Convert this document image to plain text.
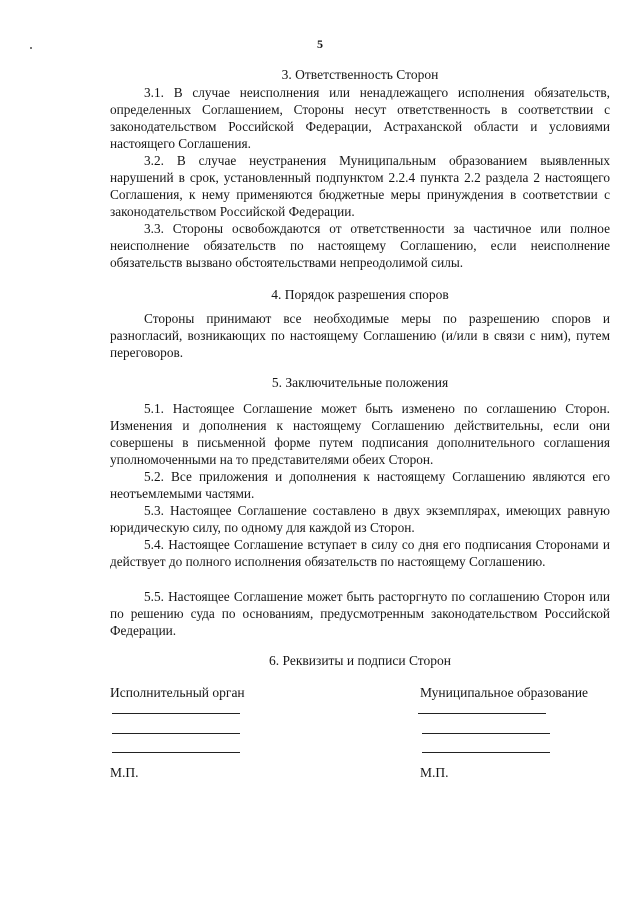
5
3. Ответственность Сторон

3.1. В случае неисполнения или ненадлежащего исполнения обязательств, определенных Соглашением, Стороны несут ответственность в соответствии с законодательством Российской Федерации, Астраханской области и условиями настоящего Соглашения.

3.2. В случае неустранения Муниципальным образованием выявленных нарушений в срок, установленный подпунктом 2.2.4 пункта 2.2 раздела 2 настоящего Соглашения, к нему применяются бюджетные меры принуждения в соответствии с законодательством Российской Федерации.

3.3. Стороны освобождаются от ответственности за частичное или полное неисполнение обязательств по настоящему Соглашению, если неисполнение обязательств вызвано обстоятельствами непреодолимой силы.

4. Порядок разрешения споров

Стороны принимают все необходимые меры по разрешению споров и разногласий, возникающих по настоящему Соглашению (и/или в связи с ним), путем переговоров.

5. Заключительные положения

5.1. Настоящее Соглашение может быть изменено по соглашению Сторон. Изменения и дополнения к настоящему Соглашению действительны, если они совершены в письменной форме путем подписания дополнительного соглашения уполномоченными на то представителями обеих Сторон.

5.2. Все приложения и дополнения к настоящему Соглашению являются его неотъемлемыми частями.

5.3. Настоящее Соглашение составлено в двух экземплярах, имеющих равную юридическую силу, по одному для каждой из Сторон.

5.4. Настоящее Соглашение вступает в силу со дня его подписания Сторонами и действует до полного исполнения обязательств по настоящему Соглашению.

5.5. Настоящее Соглашение может быть расторгнуто по соглашению Сторон или по решению суда по основаниям, предусмотренным законодательством Российской Федерации.

6. Реквизиты и подписи Сторон
Исполнительный орган	Муниципальное образование
М.П.	М.П.
